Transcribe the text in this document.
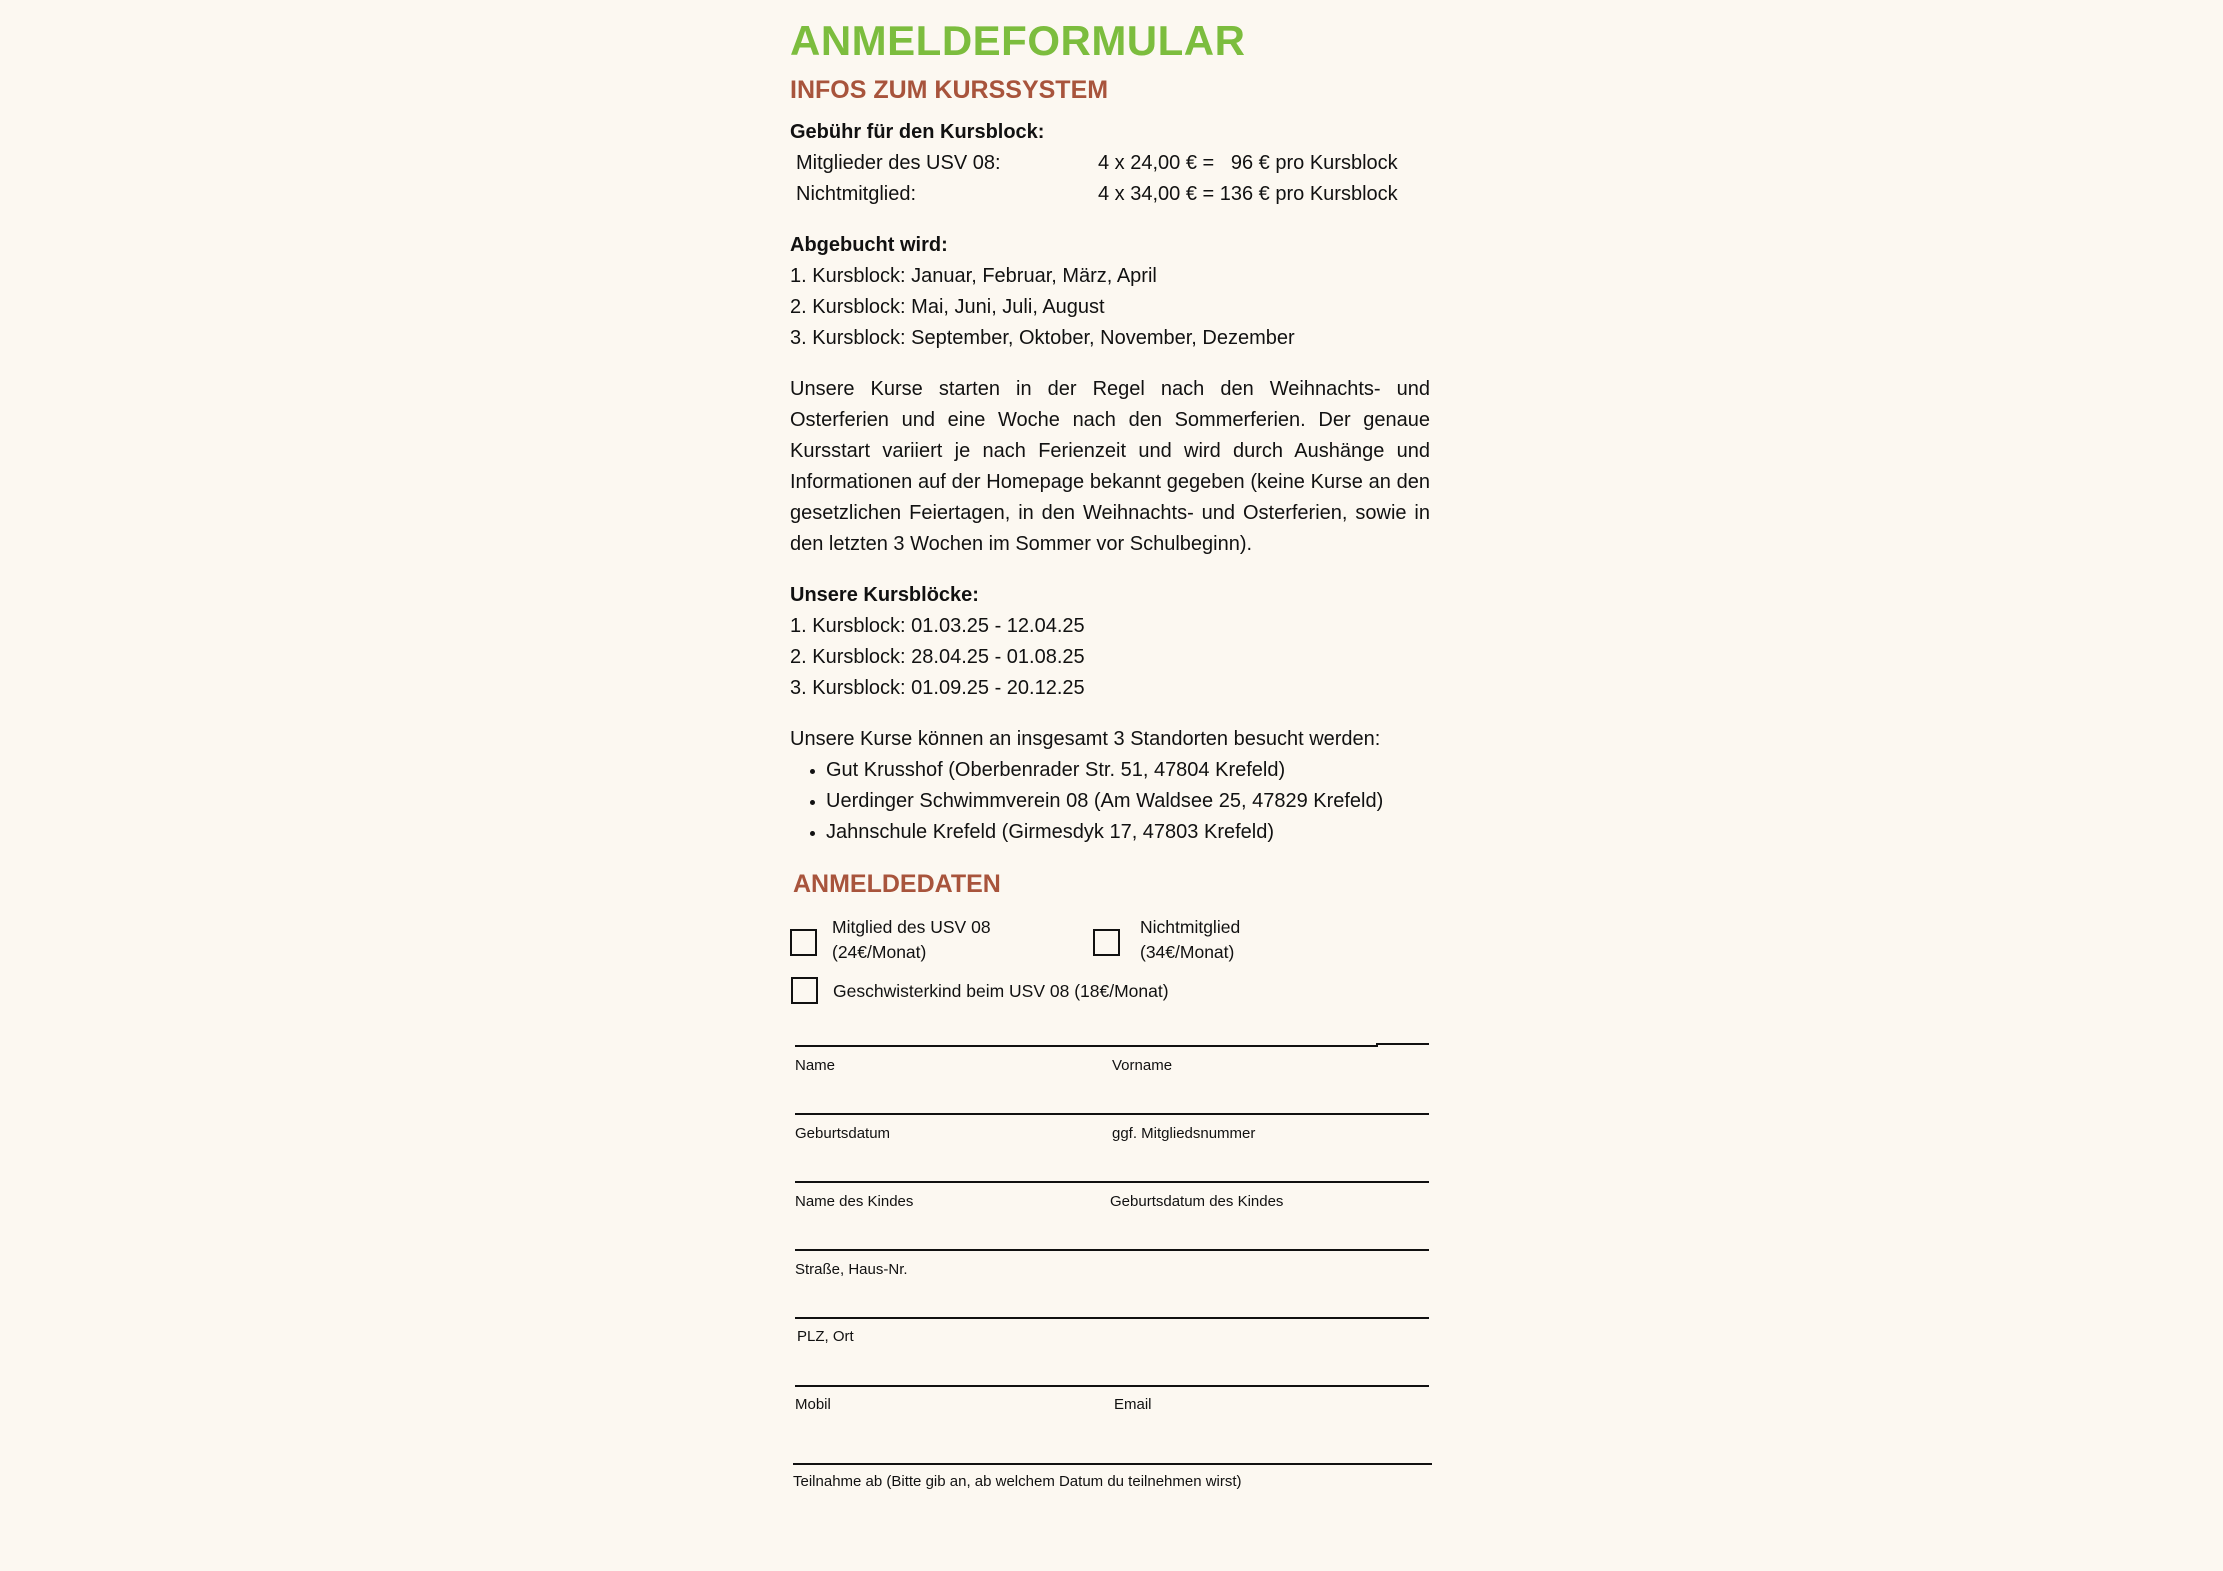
ANMELDEFORMULAR
INFOS ZUM KURSSYSTEM
Gebühr für den Kursblock:
Mitglieder des USV 08:	4 x 24,00 € =   96 € pro Kursblock
Nichtmitglied:	4 x 34,00 € = 136 € pro Kursblock
Abgebucht wird:
1. Kursblock: Januar, Februar, März, April
2. Kursblock: Mai, Juni, Juli, August
3. Kursblock: September, Oktober, November, Dezember
Unsere Kurse starten in der Regel nach den Weihnachts- und Osterferien und eine Woche nach den Sommerferien. Der genaue Kursstart variiert je nach Ferienzeit und wird durch Aushänge und Informationen auf der Homepage bekannt gegeben (keine Kurse an den gesetzlichen Feiertagen, in den Weihnachts- und Osterferien, sowie in den letzten 3 Wochen im Sommer vor Schulbeginn).
Unsere Kursblöcke:
1. Kursblock: 01.03.25 - 12.04.25
2. Kursblock: 28.04.25 - 01.08.25
3. Kursblock: 01.09.25 - 20.12.25
Unsere Kurse können an insgesamt 3 Standorten besucht werden:
Gut Krusshof (Oberbenrader Str. 51, 47804 Krefeld)
Uerdinger Schwimmverein 08 (Am Waldsee 25, 47829 Krefeld)
Jahnschule Krefeld (Girmesdyk 17, 47803 Krefeld)
ANMELDEDATEN
Mitglied des USV 08
(24€/Monat)
Nichtmitglied
(34€/Monat)
Geschwisterkind beim USV 08 (18€/Monat)
Name	Vorname
Geburtsdatum	ggf. Mitgliedsnummer
Name des Kindes	Geburtsdatum des Kindes
Straße, Haus-Nr.
PLZ, Ort
Mobil	Email
Teilnahme ab (Bitte gib an, ab welchem Datum du teilnehmen wirst)
